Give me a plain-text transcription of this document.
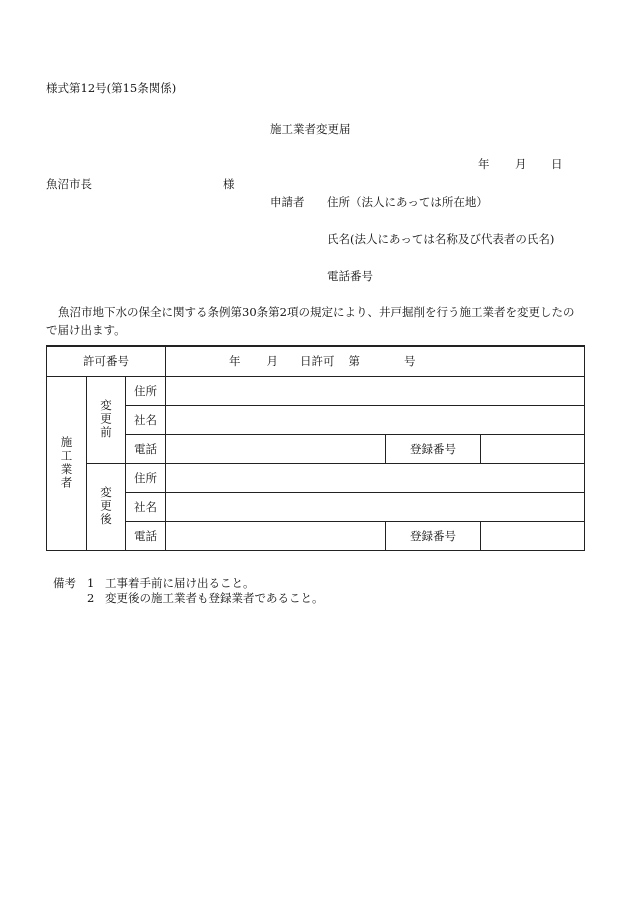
様式第12号(第15条関係)
施工業者変更届
年 月 日
魚沼市長	様
申請者 住所（法人にあっては所在地）
氏名(法人にあっては名称及び代表者の氏名)
電話番号
魚沼市地下水の保全に関する条例第30条第2項の規定により、井戸掘削を行う施工業者を変更したの
で届け出ます。
許可番号			年 月 日許可 第 号		

施工業者	変更前	住所			
		社名			
		電話		登録番号	

	変更後	住所			
		社名			
		電話		登録番号	
備考 1 工事着手前に届け出ること。
2 変更後の施工業者も登録業者であること。
